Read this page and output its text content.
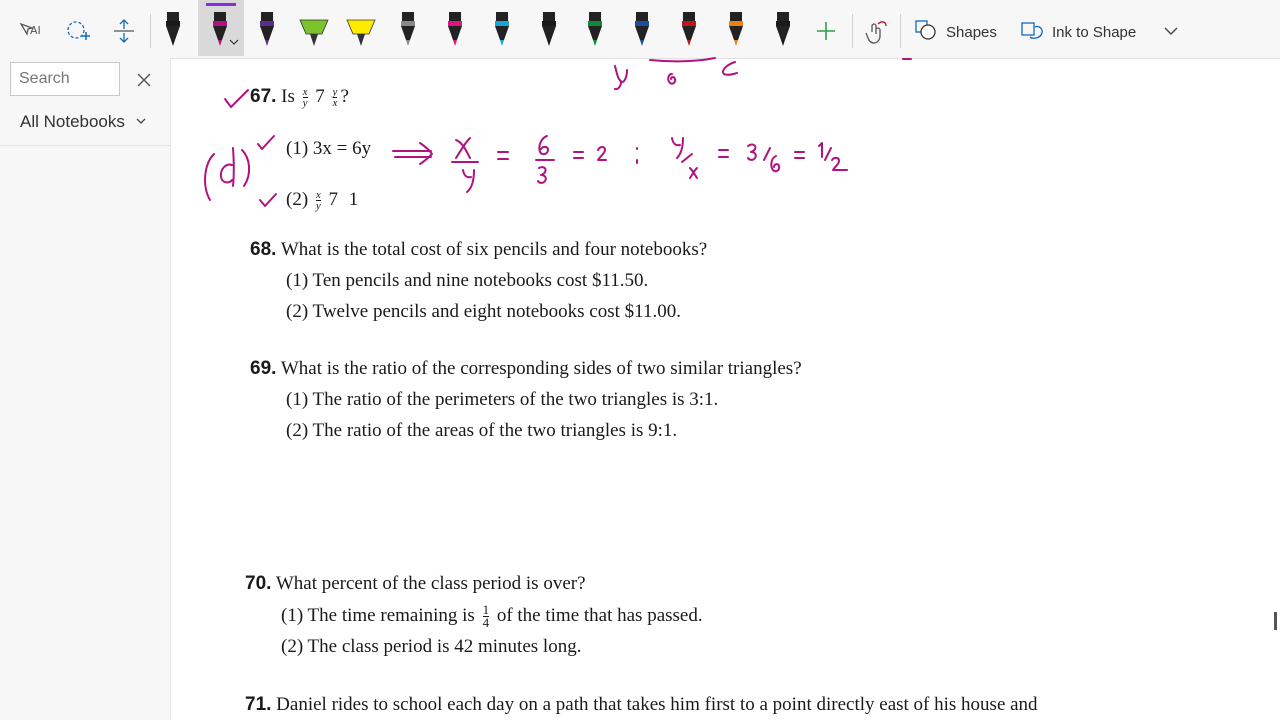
AI	Shapes	Ink to Shape
Search
All Notebooks
67. Is $\frac{x}{y} 7 \frac{y}{x}$ ?
(1) 3x = 6y
$(2) \frac{x}{y} 7$ 1
68. What is the total cost of six pencils and four notebooks?
(1) Ten pencils and nine notebooks cost $11.50.
(2) Twelve pencils and eight notebooks cost $11.00.
69. What is the ratio of the corresponding sides of two similar triangles?
(1) The ratio of the perimeters of the two triangles is 3:1.
(2) The ratio of the areas of the two triangles is 9:1.
70. What percent of the class period is over?
(1) The time remaining is $\frac{1}{4}$ of the time that has passed.
(2) The class period is 42 minutes long.
71. Daniel rides to school each day on a path that takes him first to a point directly east of his house and
